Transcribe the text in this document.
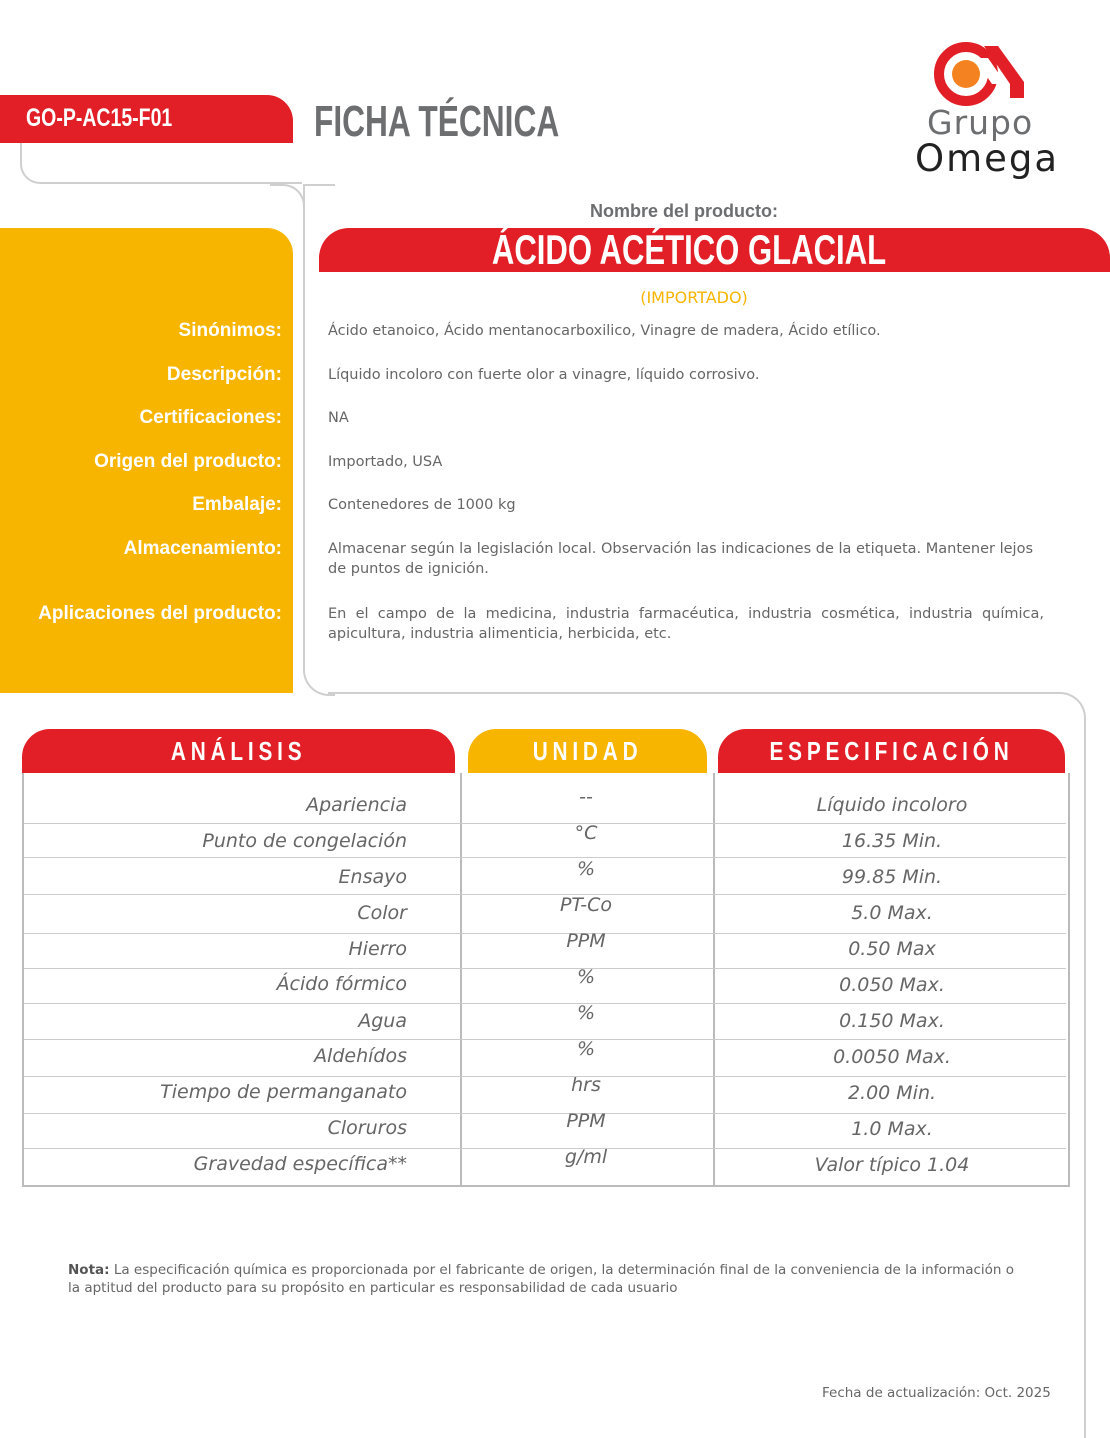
GO-P-AC15-F01	FICHA TÉCNICA	Grupo
Omega
Nombre del producto:
ÁCIDO ACÉTICO GLACIAL
(IMPORTADO)
Sinónimos:	Ácido etanoico, Ácido mentanocarboxilico, Vinagre de madera, Ácido etílico.
Descripción:	Líquido incoloro con fuerte olor a vinagre, líquido corrosivo.
Certificaciones:	NA
Origen del producto:	Importado, USA
Embalaje:	Contenedores de 1000 kg
Almacenamiento:	Almacenar según la legislación local. Observación las indicaciones de la etiqueta. Mantener lejos de puntos de ignición.
Aplicaciones del producto:	En el campo de la medicina, industria farmacéutica, industria cosmética, industria química, apicultura, industria alimenticia, herbicida, etc.
ANÁLISIS	UNIDAD	ESPECIFICACIÓN
Apariencia	--	Líquido incoloro
Punto de congelación	°C	16.35 Min.
Ensayo	%	99.85 Min.
Color	PT-Co	5.0 Max.
Hierro	PPM	0.50 Max
Ácido fórmico	%	0.050 Max.
Agua	%	0.150 Max.
Aldehídos	%	0.0050 Max.
Tiempo de permanganato	hrs	2.00 Min.
Cloruros	PPM	1.0 Max.
Gravedad específica**	g/ml	Valor típico 1.04
Nota: La especificación química es proporcionada por el fabricante de origen, la determinación final de la conveniencia de la información o la aptitud del producto para su propósito en particular es responsabilidad de cada usuario
Fecha de actualización: Oct. 2025
